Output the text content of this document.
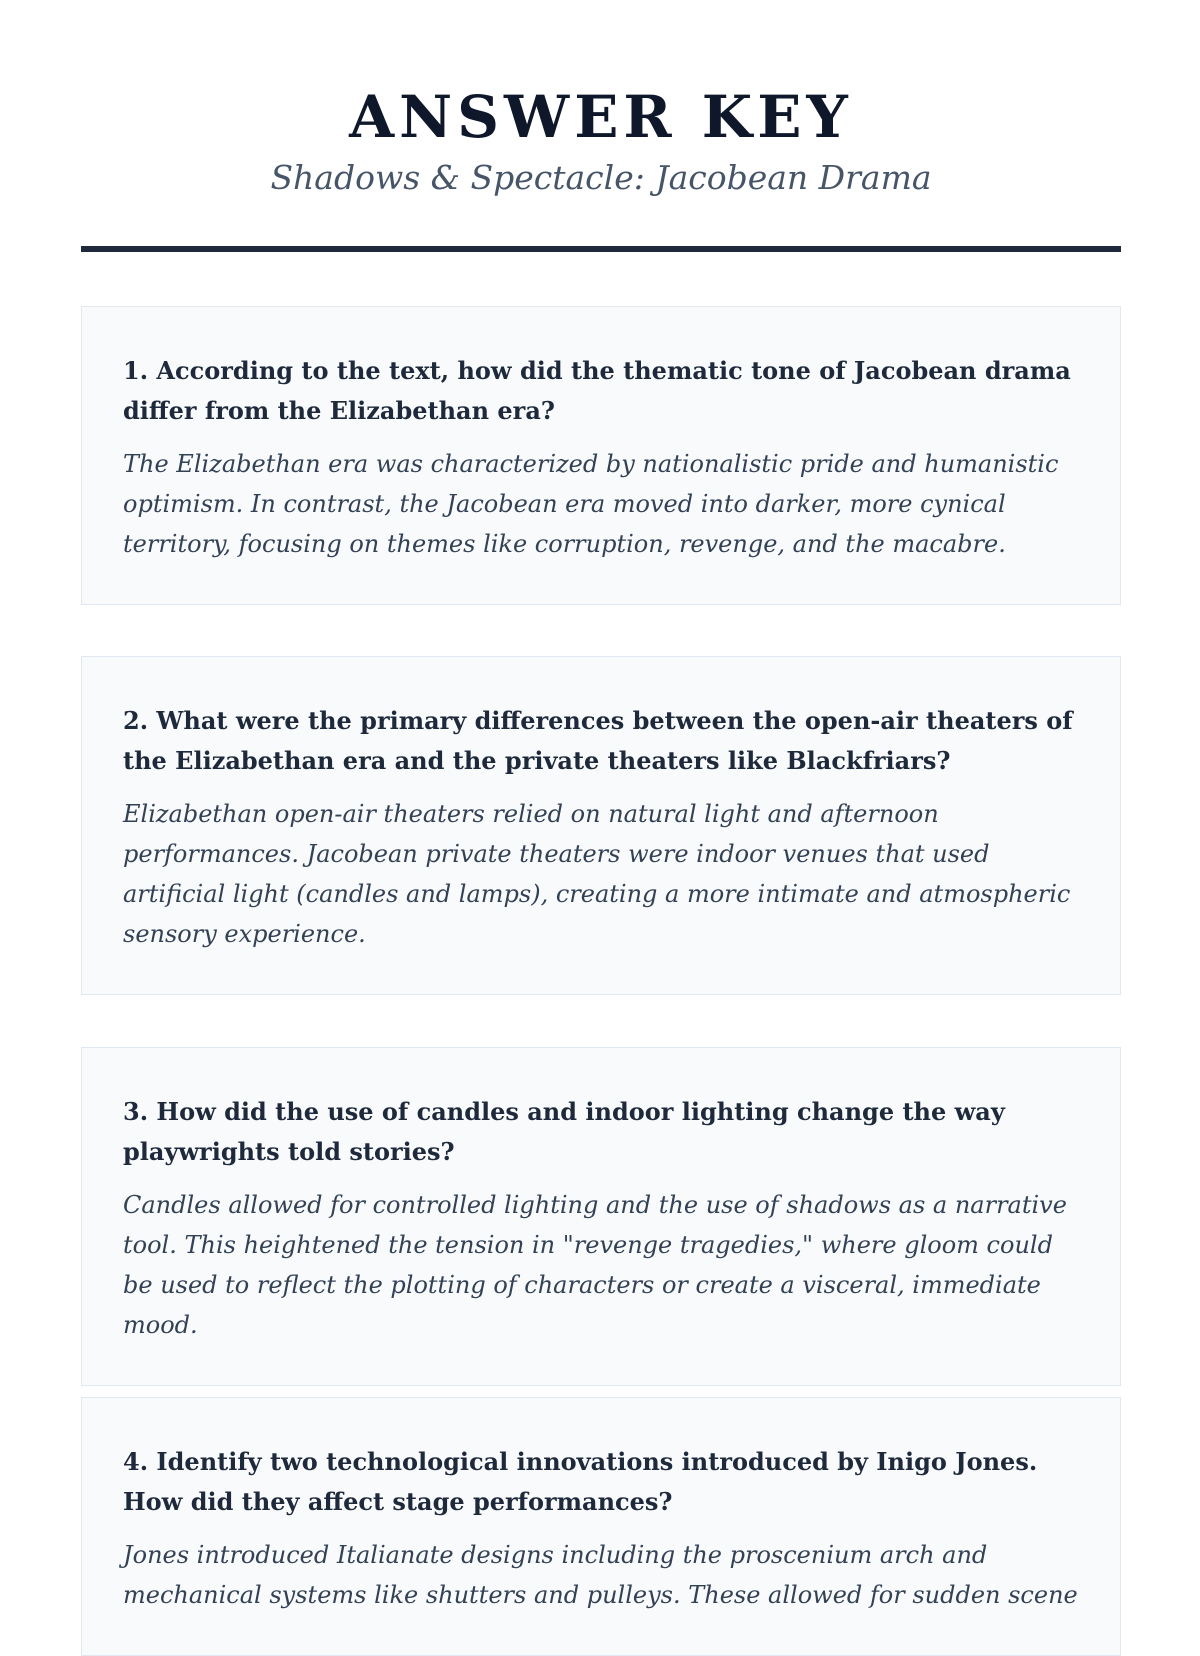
ANSWER KEY
Shadows & Spectacle: Jacobean Drama

1. According to the text, how did the thematic tone of Jacobean drama differ from the Elizabethan era?

The Elizabethan era was characterized by nationalistic pride and humanistic optimism. In contrast, the Jacobean era moved into darker, more cynical territory, focusing on themes like corruption, revenge, and the macabre.

2. What were the primary differences between the open-air theaters of the Elizabethan era and the private theaters like Blackfriars?

Elizabethan open-air theaters relied on natural light and afternoon performances. Jacobean private theaters were indoor venues that used artificial light (candles and lamps), creating a more intimate and atmospheric sensory experience.

3. How did the use of candles and indoor lighting change the way playwrights told stories?

Candles allowed for controlled lighting and the use of shadows as a narrative tool. This heightened the tension in "revenge tragedies," where gloom could be used to reflect the plotting of characters or create a visceral, immediate mood.

4. Identify two technological innovations introduced by Inigo Jones. How did they affect stage performances?

Jones introduced Italianate designs including the proscenium arch and mechanical systems like shutters and pulleys. These allowed for sudden scene
